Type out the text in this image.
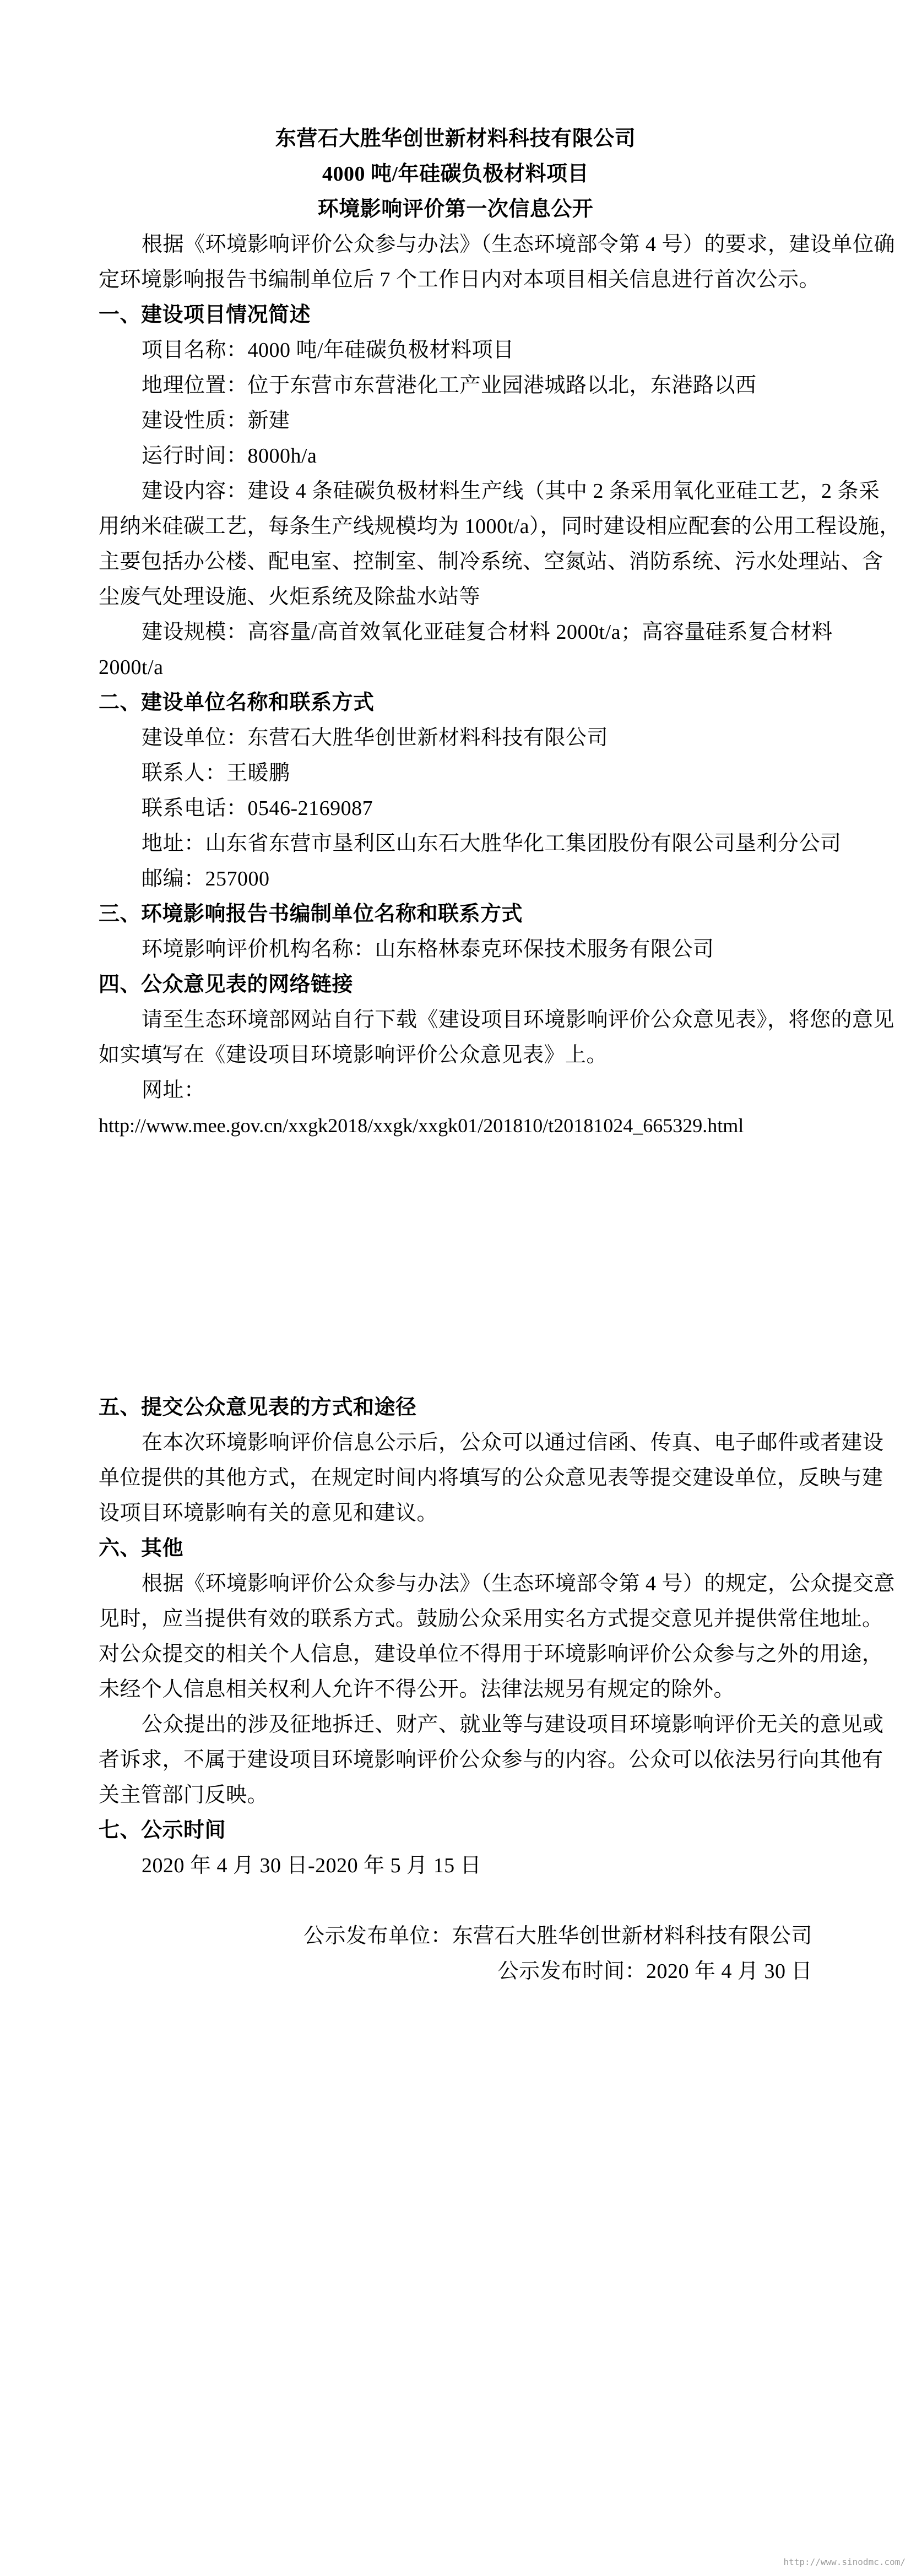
东营石大胜华创世新材料科技有限公司
4000 吨/年硅碳负极材料项目
环境影响评价第一次信息公开
根据《环境影响评价公众参与办法》（生态环境部令第 4 号）的要求，建设单位确
定环境影响报告书编制单位后 7 个工作日内对本项目相关信息进行首次公示。
一、建设项目情况简述
项目名称：4000 吨/年硅碳负极材料项目
地理位置：位于东营市东营港化工产业园港城路以北，东港路以西
建设性质：新建
运行时间：8000h/a
建设内容：建设 4 条硅碳负极材料生产线（其中 2 条采用氧化亚硅工艺，2 条采
用纳米硅碳工艺，每条生产线规模均为 1000t/a），同时建设相应配套的公用工程设施，
主要包括办公楼、配电室、控制室、制冷系统、空氮站、消防系统、污水处理站、含
尘废气处理设施、火炬系统及除盐水站等
建设规模：高容量/高首效氧化亚硅复合材料 2000t/a；高容量硅系复合材料
2000t/a
二、建设单位名称和联系方式
建设单位：东营石大胜华创世新材料科技有限公司
联系人：王暖鹏
联系电话：0546-2169087
地址：山东省东营市垦利区山东石大胜华化工集团股份有限公司垦利分公司
邮编：257000
三、环境影响报告书编制单位名称和联系方式
环境影响评价机构名称：山东格林泰克环保技术服务有限公司
四、公众意见表的网络链接
请至生态环境部网站自行下载《建设项目环境影响评价公众意见表》，将您的意见
如实填写在《建设项目环境影响评价公众意见表》上。
网址：
http://www.mee.gov.cn/xxgk2018/xxgk/xxgk01/201810/t20181024_665329.html
五、提交公众意见表的方式和途径
在本次环境影响评价信息公示后，公众可以通过信函、传真、电子邮件或者建设
单位提供的其他方式，在规定时间内将填写的公众意见表等提交建设单位，反映与建
设项目环境影响有关的意见和建议。
六、其他
根据《环境影响评价公众参与办法》（生态环境部令第 4 号）的规定，公众提交意
见时，应当提供有效的联系方式。鼓励公众采用实名方式提交意见并提供常住地址。
对公众提交的相关个人信息，建设单位不得用于环境影响评价公众参与之外的用途，
未经个人信息相关权利人允许不得公开。法律法规另有规定的除外。
公众提出的涉及征地拆迁、财产、就业等与建设项目环境影响评价无关的意见或
者诉求，不属于建设项目环境影响评价公众参与的内容。公众可以依法另行向其他有
关主管部门反映。
七、公示时间
2020 年 4 月 30 日-2020 年 5 月 15 日
公示发布单位：东营石大胜华创世新材料科技有限公司
公示发布时间：2020 年 4 月 30 日
http://www.sinodmc.com/
